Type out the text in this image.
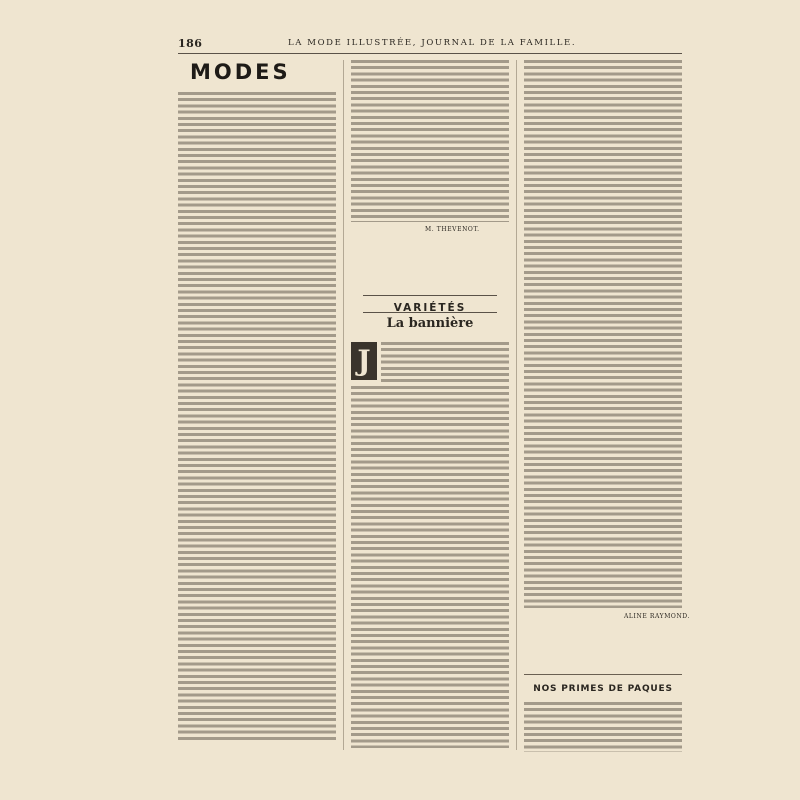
186	LA MODE ILLUSTRÉE, JOURNAL DE LA FAMILLE.
MODES
M. THEVENOT.
VARIÉTÉS
La bannière
J
ALINE RAYMOND.
NOS PRIMES DE PAQUES
